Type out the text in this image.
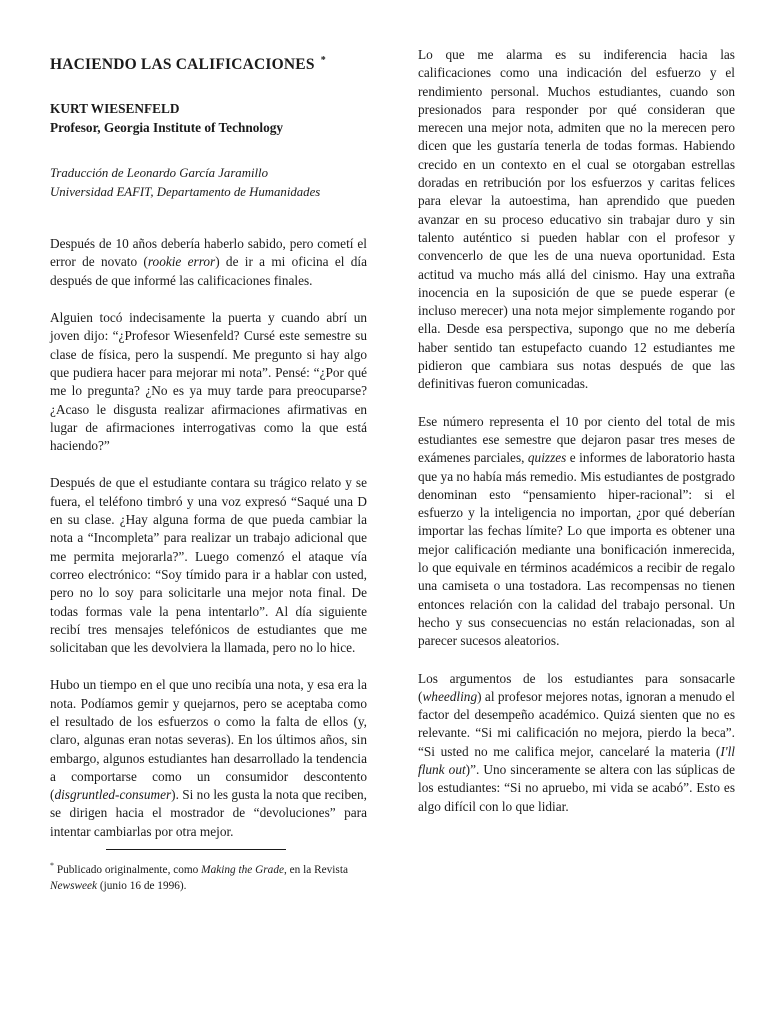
HACIENDO LAS CALIFICACIONES *
KURT WIESENFELD
Profesor, Georgia Institute of Technology
Traducción de Leonardo García Jaramillo
Universidad EAFIT, Departamento de Humanidades

Después de 10 años debería haberlo sabido, pero cometí el error de novato (rookie error) de ir a mi oficina el día después de que informé las calificaciones finales.

Alguien tocó indecisamente la puerta y cuando abrí un joven dijo: “¿Profesor Wiesenfeld? Cursé este semestre su clase de física, pero la suspendí. Me pregunto si hay algo que pudiera hacer para mejorar mi nota”. Pensé: “¿Por qué me lo pregunta? ¿No es ya muy tarde para preocuparse? ¿Acaso le disgusta realizar afirmaciones afirmativas en lugar de afirmaciones interrogativas como la que está haciendo?”

Después de que el estudiante contara su trágico relato y se fuera, el teléfono timbró y una voz expresó “Saqué una D en su clase. ¿Hay alguna forma de que pueda cambiar la nota a “Incompleta” para realizar un trabajo adicional que me permita mejorarla?”. Luego comenzó el ataque vía correo electrónico: “Soy tímido para ir a hablar con usted, pero no lo soy para solicitarle una mejor nota final. De todas formas vale la pena intentarlo”. Al día siguiente recibí tres mensajes telefónicos de estudiantes que me solicitaban que les devolviera la llamada, pero no lo hice.

Hubo un tiempo en el que uno recibía una nota, y esa era la nota. Podíamos gemir y quejarnos, pero se aceptaba como el resultado de los esfuerzos o como la falta de ellos (y, claro, algunas eran notas severas). En los últimos años, sin embargo, algunos estudiantes han desarrollado la tendencia a comportarse como un consumidor descontento (disgruntled-consumer). Si no les gusta la nota que reciben, se dirigen hacia el mostrador de “devoluciones” para intentar cambiarlas por otra mejor.

* Publicado originalmente, como Making the Grade, en la Revista Newsweek (junio 16 de 1996).

Lo que me alarma es su indiferencia hacia las calificaciones como una indicación del esfuerzo y el rendimiento personal. Muchos estudiantes, cuando son presionados para responder por qué consideran que merecen una mejor nota, admiten que no la merecen pero dicen que les gustaría tenerla de todas formas. Habiendo crecido en un contexto en el cual se otorgaban estrellas doradas en retribución por los esfuerzos y caritas felices para elevar la autoestima, han aprendido que pueden avanzar en su proceso educativo sin trabajar duro y sin talento auténtico si pueden hablar con el profesor y convencerlo de que les de una nueva oportunidad. Esta actitud va mucho más allá del cinismo. Hay una extraña inocencia en la suposición de que se puede esperar (e incluso merecer) una nota mejor simplemente rogando por ella. Desde esa perspectiva, supongo que no me debería haber sentido tan estupefacto cuando 12 estudiantes me pidieron que cambiara sus notas después de que las definitivas fueron comunicadas.

Ese número representa el 10 por ciento del total de mis estudiantes ese semestre que dejaron pasar tres meses de exámenes parciales, quizzes e informes de laboratorio hasta que ya no había más remedio. Mis estudiantes de postgrado denominan esto “pensamiento hiper-racional”: si el esfuerzo y la inteligencia no importan, ¿por qué deberían importar las fechas límite? Lo que importa es obtener una mejor calificación mediante una bonificación inmerecida, lo que equivale en términos académicos a recibir de regalo una camiseta o una tostadora. Las recompensas no tienen entonces relación con la calidad del trabajo personal. Un hecho y sus consecuencias no están relacionadas, son al parecer sucesos aleatorios.

Los argumentos de los estudiantes para sonsacarle (wheedling) al profesor mejores notas, ignoran a menudo el factor del desempeño académico. Quizá sienten que no es relevante. “Si mi calificación no mejora, pierdo la beca”. “Si usted no me califica mejor, cancelaré la materia (I'll flunk out)”. Uno sinceramente se altera con las súplicas de los estudiantes: “Si no apruebo, mi vida se acabó”. Esto es algo difícil con lo que lidiar.
